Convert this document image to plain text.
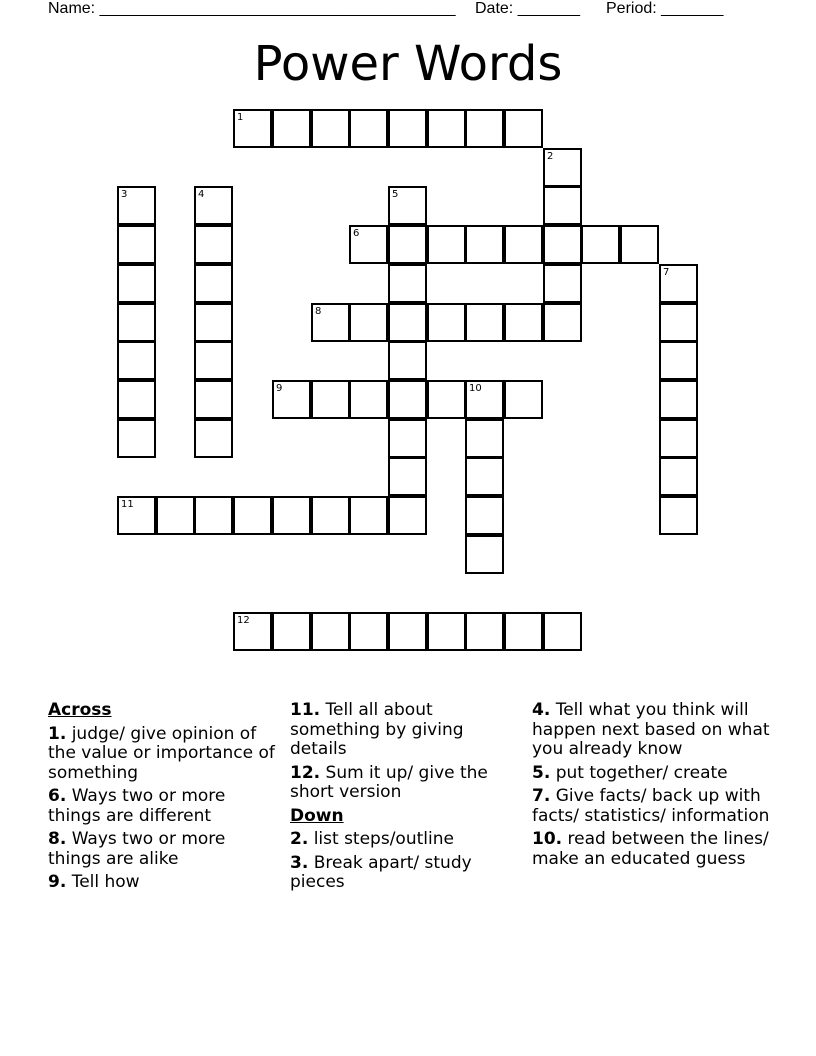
Name: ________________________________________

Date: _______

Period: _______

Power Words
1
2
3	4	5
6
7
8
9	10
11
12
Across
1. judge/ give opinion of the value or importance of something
6. Ways two or more things are different
8. Ways two or more things are alike
9. Tell how
11. Tell all about something by giving details
12. Sum it up/ give the short version
Down
2. list steps/outline
3. Break apart/ study pieces
4. Tell what you think will happen next based on what you already know
5. put together/ create
7. Give facts/ back up with facts/ statistics/ information
10. read between the lines/ make an educated guess
